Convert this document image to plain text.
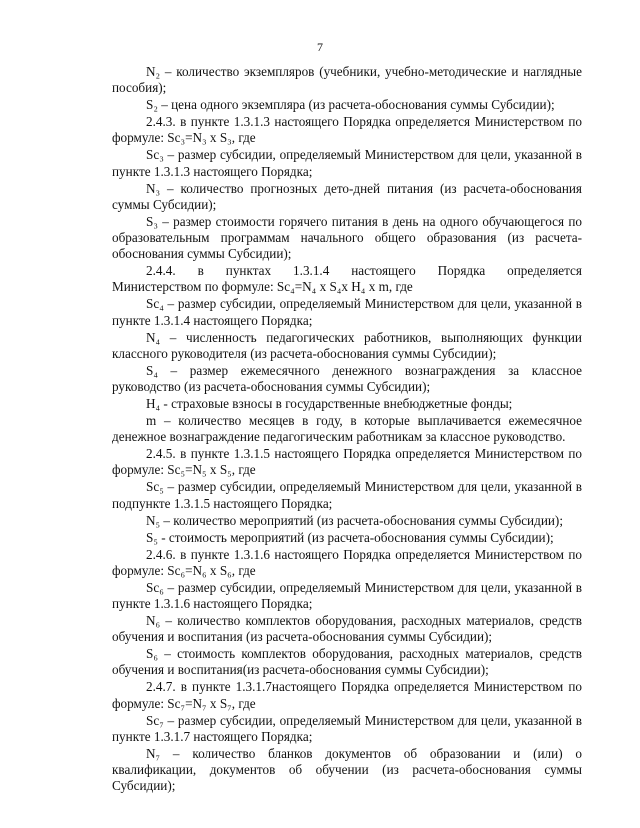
7

N₂ – количество экземпляров (учебники, учебно-методические и наглядные пособия);

S₂ – цена одного экземпляра (из расчета-обоснования суммы Субсидии);

2.4.3. в пункте 1.3.1.3 настоящего Порядка определяется Министерством по формуле: Sс₃=N₃ x S₃, где

Sс₃ – размер субсидии, определяемый Министерством для цели, указанной в пункте 1.3.1.3 настоящего Порядка;

N₃ – количество прогнозных дето-дней питания (из расчета-обоснования суммы Субсидии);

S₃ – размер стоимости горячего питания в день на одного обучающегося по образовательным программам начального общего образования (из расчета-обоснования суммы Субсидии);

2.4.4. в пунктах 1.3.1.4 настоящего Порядка определяется

Министерством по формуле: Sс₄=N₄ x S₄x H₄ x m, где

Sс₄ – размер субсидии, определяемый Министерством для цели, указанной в пункте 1.3.1.4 настоящего Порядка;

N₄ – численность педагогических работников, выполняющих функции классного руководителя (из расчета-обоснования суммы Субсидии);

S₄ – размер ежемесячного денежного вознаграждения за классное руководство (из расчета-обоснования суммы Субсидии);

H₄ - страховые взносы в государственные внебюджетные фонды;

m – количество месяцев в году, в которые выплачивается ежемесячное денежное вознаграждение педагогическим работникам за классное руководство.

2.4.5. в пункте 1.3.1.5 настоящего Порядка определяется Министерством по формуле: Sс₅=N₅ x S₅, где

Sс₅ – размер субсидии, определяемый Министерством для цели, указанной в подпункте 1.3.1.5 настоящего Порядка;

N₅ – количество мероприятий (из расчета-обоснования суммы Субсидии);

S₅ - стоимость мероприятий (из расчета-обоснования суммы Субсидии);

2.4.6. в пункте 1.3.1.6 настоящего Порядка определяется Министерством по формуле: Sс₆=N₆ x S₆, где

Sс₆ – размер субсидии, определяемый Министерством для цели, указанной в пункте 1.3.1.6 настоящего Порядка;

N₆ – количество комплектов оборудования, расходных материалов, средств обучения и воспитания (из расчета-обоснования суммы Субсидии);

S₆ – стоимость комплектов оборудования, расходных материалов, средств обучения и воспитания(из расчета-обоснования суммы Субсидии);

2.4.7. в пункте 1.3.1.7настоящего Порядка определяется Министерством по формуле: Sс₇=N₇ x S₇, где

Sс₇ – размер субсидии, определяемый Министерством для цели, указанной в пункте 1.3.1.7 настоящего Порядка;

N₇ – количество бланков документов об образовании и (или) о квалификации, документов об обучении (из расчета-обоснования суммы Субсидии);
